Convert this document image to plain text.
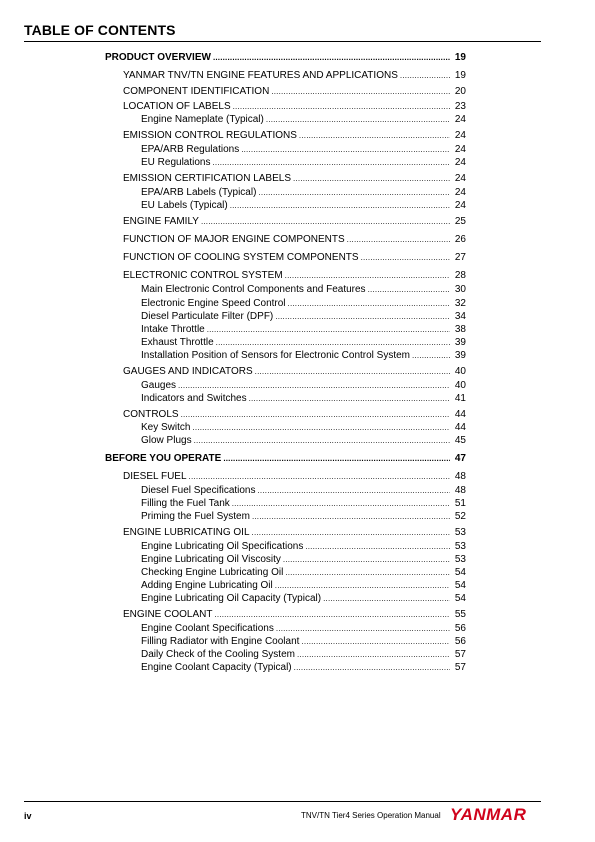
TABLE OF CONTENTS
PRODUCT OVERVIEW .....	19
YANMAR TNV/TN ENGINE FEATURES AND APPLICATIONS .....	19
COMPONENT IDENTIFICATION .....	20
LOCATION OF LABELS .....	23
Engine Nameplate (Typical) .....	24
EMISSION CONTROL REGULATIONS .....	24
EPA/ARB Regulations .....	24
EU Regulations .....	24
EMISSION CERTIFICATION LABELS .....	24
EPA/ARB Labels (Typical) .....	24
EU Labels (Typical) .....	24
ENGINE FAMILY .....	25
FUNCTION OF MAJOR ENGINE COMPONENTS .....	26
FUNCTION OF COOLING SYSTEM COMPONENTS .....	27
ELECTRONIC CONTROL SYSTEM .....	28
Main Electronic Control Components and Features .....	30
Electronic Engine Speed Control .....	32
Diesel Particulate Filter (DPF) .....	34
Intake Throttle .....	38
Exhaust Throttle .....	39
Installation Position of Sensors for Electronic Control System .....	39
GAUGES AND INDICATORS .....	40
Gauges .....	40
Indicators and Switches .....	41
CONTROLS .....	44
Key Switch .....	44
Glow Plugs .....	45
BEFORE YOU OPERATE .....	47
DIESEL FUEL .....	48
Diesel Fuel Specifications .....	48
Filling the Fuel Tank .....	51
Priming the Fuel System .....	52
ENGINE LUBRICATING OIL .....	53
Engine Lubricating Oil Specifications .....	53
Engine Lubricating Oil Viscosity .....	53
Checking Engine Lubricating Oil .....	54
Adding Engine Lubricating Oil .....	54
Engine Lubricating Oil Capacity (Typical) .....	54
ENGINE COOLANT .....	55
Engine Coolant Specifications .....	56
Filling Radiator with Engine Coolant .....	56
Daily Check of the Cooling System .....	57
Engine Coolant Capacity (Typical) .....	57
iv	TNV/TN Tier4 Series Operation Manual YANMAR
